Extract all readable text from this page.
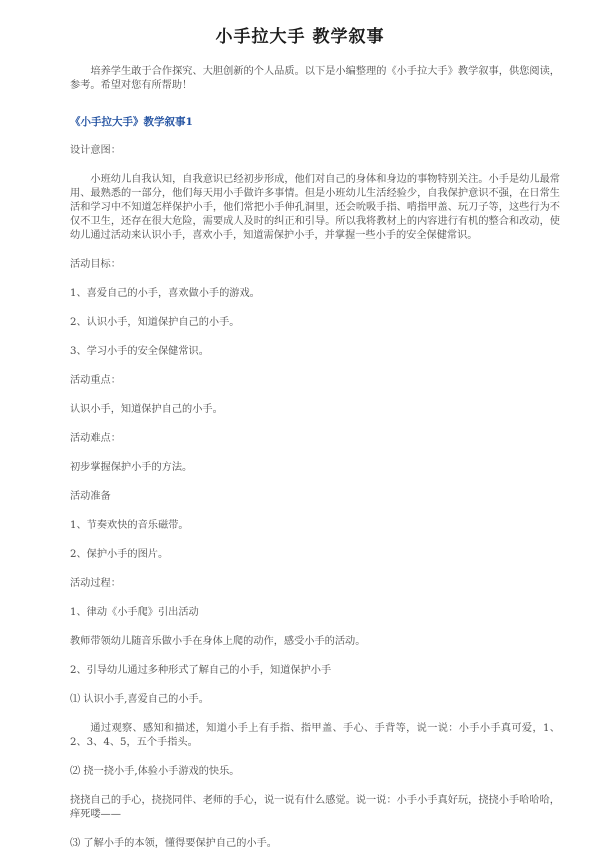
小手拉大手 教学叙事

培养学生敢于合作探究、大胆创新的个人品质。以下是小编整理的《小手拉大手》教学叙事，供您阅读，参考。希望对您有所帮助！

《小手拉大手》教学叙事1

设计意图：

小班幼儿自我认知，自我意识已经初步形成，他们对自己的身体和身边的事物特别关注。小手是幼儿最常用、最熟悉的一部分，他们每天用小手做许多事情。但是小班幼儿生活经验少，自我保护意识不强，在日常生活和学习中不知道怎样保护小手，他们常把小手伸孔洞里，还会吮吸手指、啃指甲盖、玩刀子等，这些行为不仅不卫生，还存在很大危险，需要成人及时的纠正和引导。所以我将教材上的内容进行有机的整合和改动，使幼儿通过活动来认识小手，喜欢小手，知道需保护小手，并掌握一些小手的安全保健常识。

活动目标：

1、喜爱自己的小手，喜欢做小手的游戏。

2、认识小手，知道保护自己的小手。

3、学习小手的安全保健常识。

活动重点：

认识小手，知道保护自己的小手。

活动难点：

初步掌握保护小手的方法。

活动准备

1、节奏欢快的音乐磁带。

2、保护小手的图片。

活动过程：

1、律动《小手爬》引出活动

教师带领幼儿随音乐做小手在身体上爬的动作，感受小手的活动。

2、引导幼儿通过多种形式了解自己的小手，知道保护小手

⑴ 认识小手,喜爱自己的小手。

通过观察、感知和描述，知道小手上有手指、指甲盖、手心、手背等，说一说：小手小手真可爱，1、2、3、4、5，五个手指头。

⑵ 挠一挠小手,体验小手游戏的快乐。

挠挠自己的手心，挠挠同伴、老师的手心，说一说有什么感觉。说一说：小手小手真好玩，挠挠小手哈哈哈，痒死喽——

⑶ 了解小手的本领，懂得要保护自己的小手。
